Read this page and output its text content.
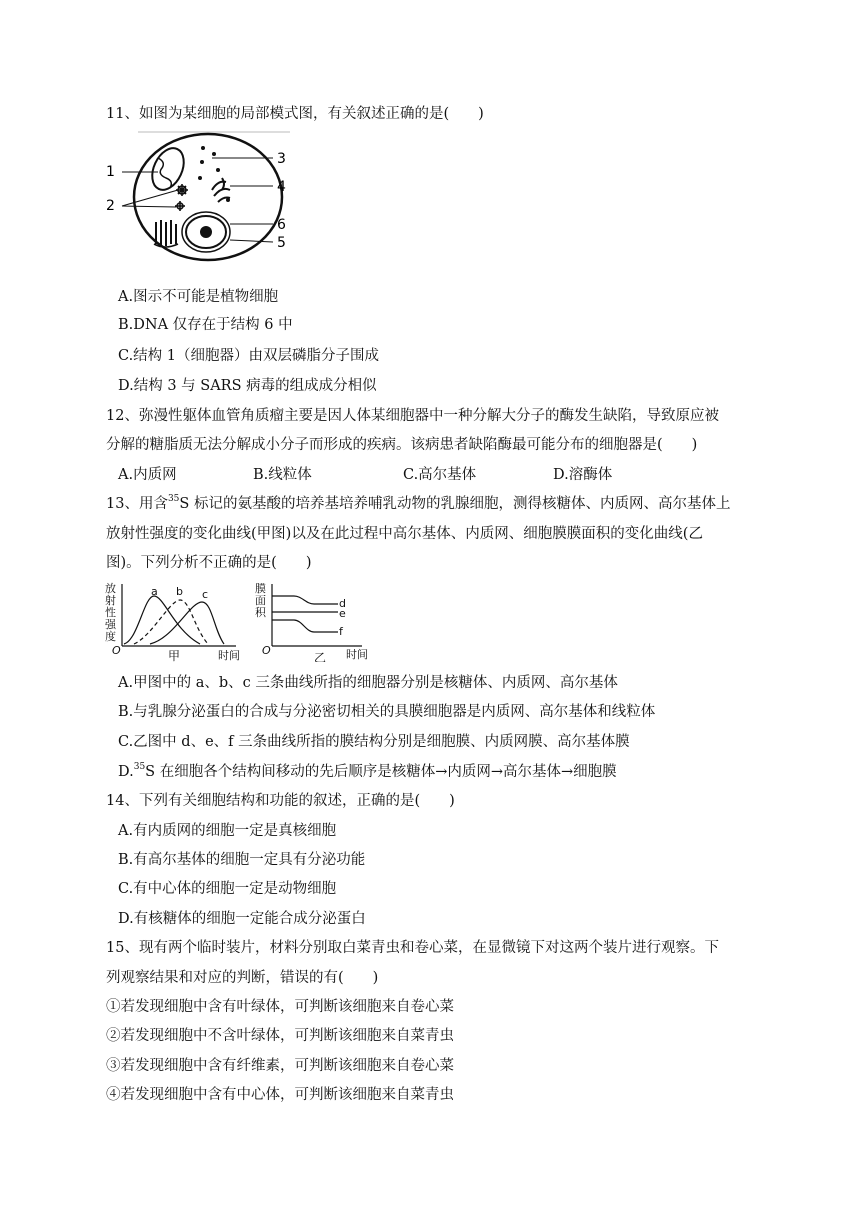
11、如图为某细胞的局部模式图，有关叙述正确的是(　　)
1
2
3
4
5
6
A.图示不可能是植物细胞
B.DNA 仅存在于结构 6 中
C.结构 1（细胞器）由双层磷脂分子围成
D.结构 3 与 SARS 病毒的组成成分相似
12、弥漫性躯体血管角质瘤主要是因人体某细胞器中一种分解大分子的酶发生缺陷，导致原应被
分解的糖脂质无法分解成小分子而形成的疾病。该病患者缺陷酶最可能分布的细胞器是(　　)
A.内质网	B.线粒体	C.高尔基体	D.溶酶体
13、用含$^{35}$S 标记的氨基酸的培养基培养哺乳动物的乳腺细胞，测得核糖体、内质网、高尔基体上
放射性强度的变化曲线(甲图)以及在此过程中高尔基体、内质网、细胞膜膜面积的变化曲线(乙
图)。下列分析不正确的是(　　)
放
射
性
强
度
O
a b c
时间
甲
膜
面
积
O
d
e
f
时间
乙
A.甲图中的 a、b、c 三条曲线所指的细胞器分别是核糖体、内质网、高尔基体
B.与乳腺分泌蛋白的合成与分泌密切相关的具膜细胞器是内质网、高尔基体和线粒体
C.乙图中 d、e、f 三条曲线所指的膜结构分别是细胞膜、内质网膜、高尔基体膜
D.$^{35}$S 在细胞各个结构间移动的先后顺序是核糖体→内质网→高尔基体→细胞膜
14、下列有关细胞结构和功能的叙述，正确的是(　　)
A.有内质网的细胞一定是真核细胞
B.有高尔基体的细胞一定具有分泌功能
C.有中心体的细胞一定是动物细胞
D.有核糖体的细胞一定能合成分泌蛋白
15、现有两个临时装片，材料分别取白菜青虫和卷心菜，在显微镜下对这两个装片进行观察。下
列观察结果和对应的判断，错误的有(　　)
①若发现细胞中含有叶绿体，可判断该细胞来自卷心菜
②若发现细胞中不含叶绿体，可判断该细胞来自菜青虫
③若发现细胞中含有纤维素，可判断该细胞来自卷心菜
④若发现细胞中含有中心体，可判断该细胞来自菜青虫
